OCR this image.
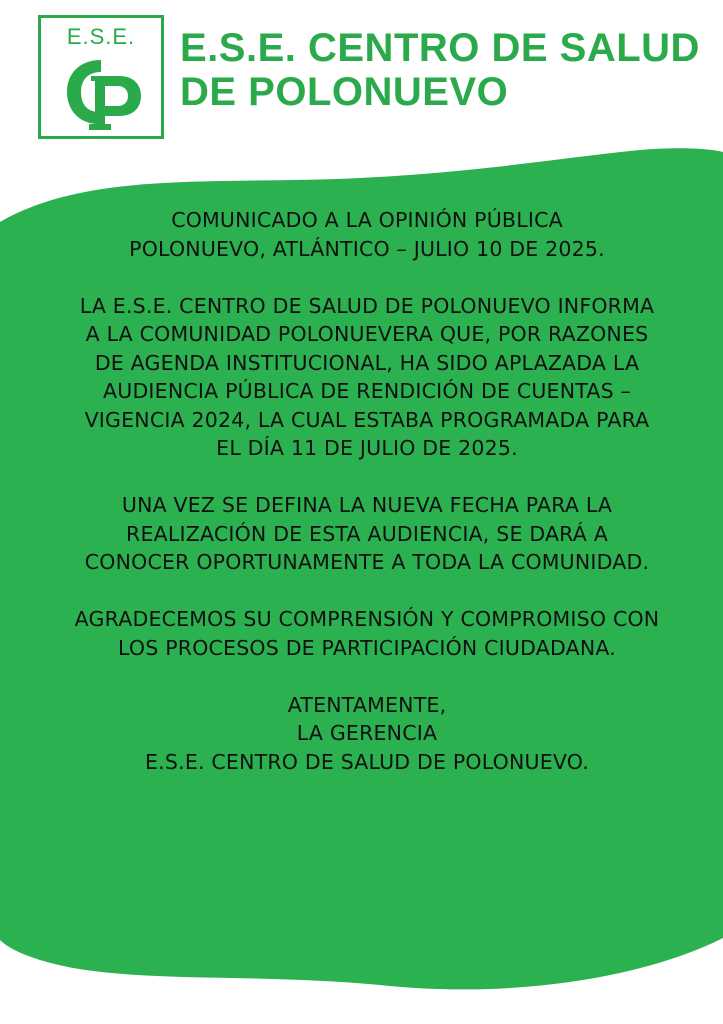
E.S.E.	E.S.E. CENTRO DE SALUD
DE POLONUEVO

COMUNICADO A LA OPINIÓN PÚBLICA
POLONUEVO, ATLÁNTICO – JULIO 10 DE 2025.

LA E.S.E. CENTRO DE SALUD DE POLONUEVO INFORMA A LA COMUNIDAD POLONUEVERA QUE, POR RAZONES DE AGENDA INSTITUCIONAL, HA SIDO APLAZADA LA AUDIENCIA PÚBLICA DE RENDICIÓN DE CUENTAS – VIGENCIA 2024, LA CUAL ESTABA PROGRAMADA PARA EL DÍA 11 DE JULIO DE 2025.

UNA VEZ SE DEFINA LA NUEVA FECHA PARA LA REALIZACIÓN DE ESTA AUDIENCIA, SE DARÁ A CONOCER OPORTUNAMENTE A TODA LA COMUNIDAD.

AGRADECEMOS SU COMPRENSIÓN Y COMPROMISO CON LOS PROCESOS DE PARTICIPACIÓN CIUDADANA.

ATENTAMENTE,
LA GERENCIA
E.S.E. CENTRO DE SALUD DE POLONUEVO.
